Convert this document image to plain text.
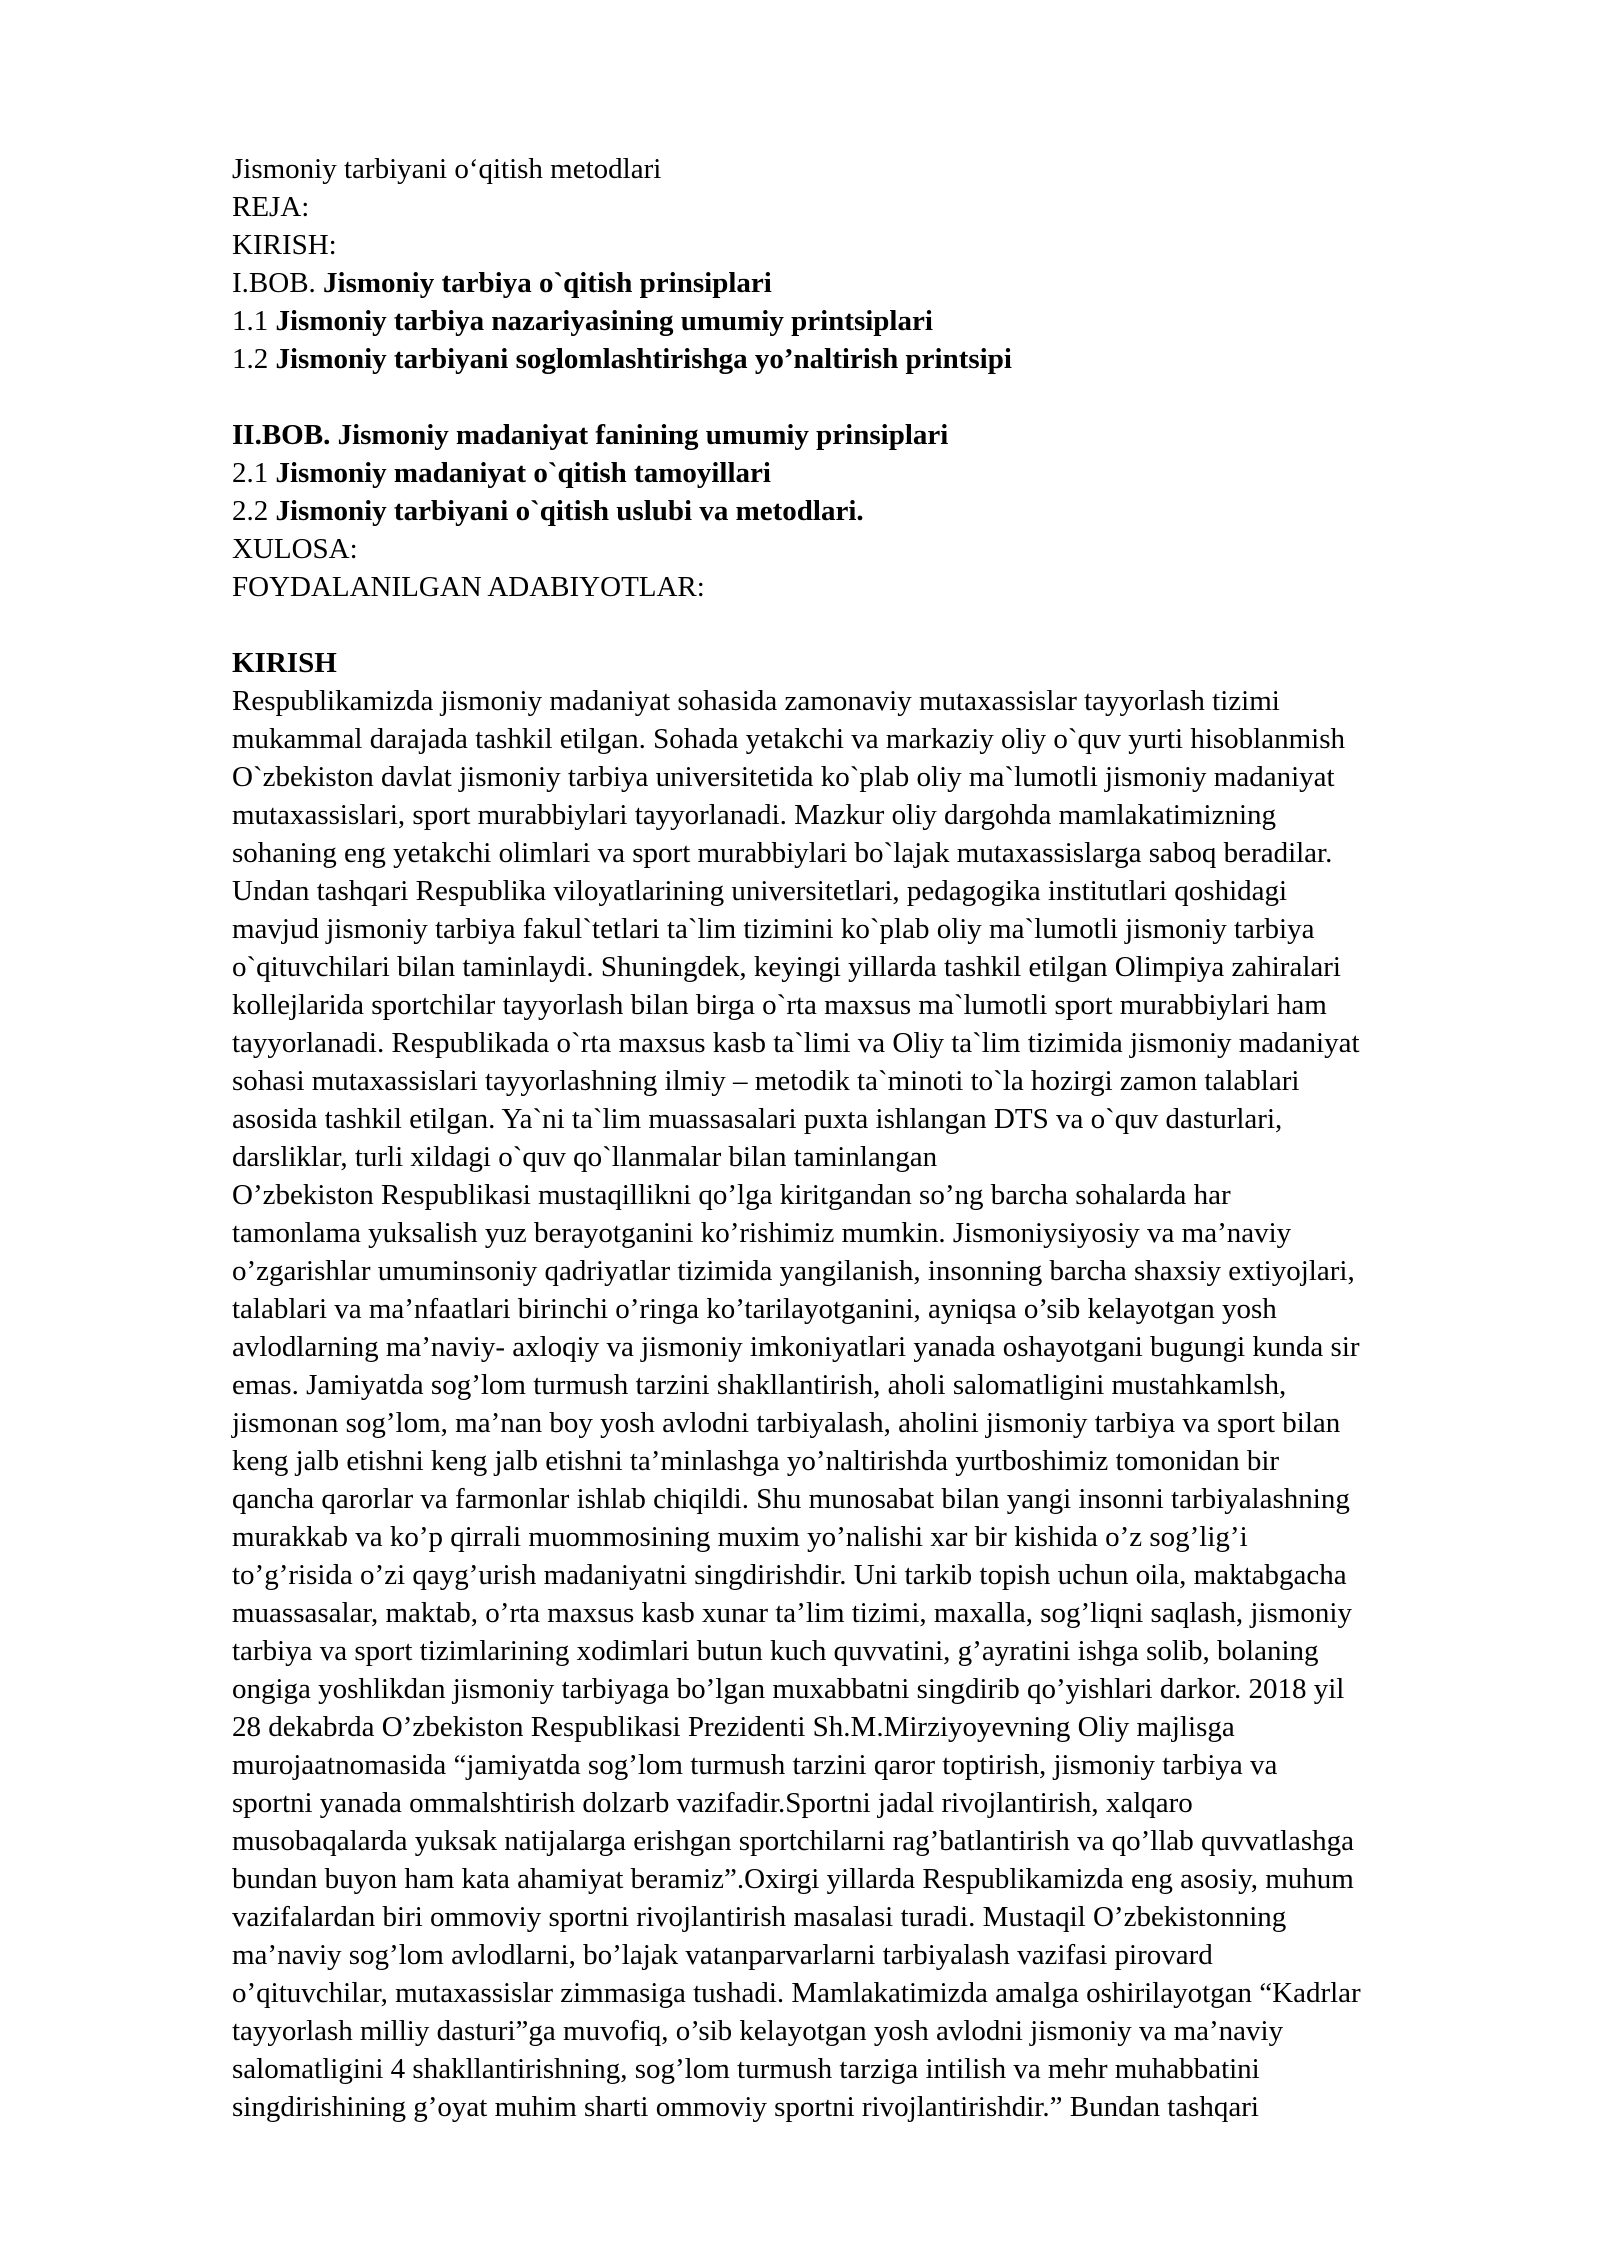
Jismoniy tarbiyani o‘qitish metodlari
REJA:
KIRISH:
I.BOB. Jismoniy tarbiya o`qitish prinsiplari
1.1 Jismoniy tarbiya nazariyasining umumiy printsiplari
1.2 Jismoniy tarbiyani soglomlashtirishga yo’naltirish printsipi
II.BOB. Jismoniy madaniyat fanining umumiy prinsiplari
2.1 Jismoniy madaniyat o`qitish tamoyillari
2.2 Jismoniy tarbiyani o`qitish uslubi va metodlari.
XULOSA:
FOYDALANILGAN ADABIYOTLAR:
KIRISH
Respublikamizda jismoniy madaniyat sohasida zamonaviy mutaxassislar tayyorlash tizimi
mukammal darajada tashkil etilgan. Sohada yetakchi va markaziy oliy o`quv yurti hisoblanmish
O`zbekiston davlat jismoniy tarbiya universitetida ko`plab oliy ma`lumotli jismoniy madaniyat
mutaxassislari, sport murabbiylari tayyorlanadi. Mazkur oliy dargohda mamlakatimizning
sohaning eng yetakchi olimlari va sport murabbiylari bo`lajak mutaxassislarga saboq beradilar.
Undan tashqari Respublika viloyatlarining universitetlari, pedagogika institutlari qoshidagi
mavjud jismoniy tarbiya fakul`tetlari ta`lim tizimini ko`plab oliy ma`lumotli jismoniy tarbiya
o`qituvchilari bilan taminlaydi. Shuningdek, keyingi yillarda tashkil etilgan Olimpiya zahiralari
kollejlarida sportchilar tayyorlash bilan birga o`rta maxsus ma`lumotli sport murabbiylari ham
tayyorlanadi. Respublikada o`rta maxsus kasb ta`limi va Oliy ta`lim tizimida jismoniy madaniyat
sohasi mutaxassislari tayyorlashning ilmiy – metodik ta`minoti to`la hozirgi zamon talablari
asosida tashkil etilgan. Ya`ni ta`lim muassasalari puxta ishlangan DTS va o`quv dasturlari,
darsliklar, turli xildagi o`quv qo`llanmalar bilan taminlangan
O’zbekiston Respublikasi mustaqillikni qo’lga kiritgandan so’ng barcha sohalarda har
tamonlama yuksalish yuz berayotganini ko’rishimiz mumkin. Jismoniysiyosiy va ma’naviy
o’zgarishlar umuminsoniy qadriyatlar tizimida yangilanish, insonning barcha shaxsiy extiyojlari,
talablari va ma’nfaatlari birinchi o’ringa ko’tarilayotganini, ayniqsa o’sib kelayotgan yosh
avlodlarning ma’naviy- axloqiy va jismoniy imkoniyatlari yanada oshayotgani bugungi kunda sir
emas. Jamiyatda sog’lom turmush tarzini shakllantirish, aholi salomatligini mustahkamlsh,
jismonan sog’lom, ma’nan boy yosh avlodni tarbiyalash, aholini jismoniy tarbiya va sport bilan
keng jalb etishni keng jalb etishni ta’minlashga yo’naltirishda yurtboshimiz tomonidan bir
qancha qarorlar va farmonlar ishlab chiqildi. Shu munosabat bilan yangi insonni tarbiyalashning
murakkab va ko’p qirrali muommosining muxim yo’nalishi xar bir kishida o’z sog’lig’i
to’g’risida o’zi qayg’urish madaniyatni singdirishdir. Uni tarkib topish uchun oila, maktabgacha
muassasalar, maktab, o’rta maxsus kasb xunar ta’lim tizimi, maxalla, sog’liqni saqlash, jismoniy
tarbiya va sport tizimlarining xodimlari butun kuch quvvatini, g’ayratini ishga solib, bolaning
ongiga yoshlikdan jismoniy tarbiyaga bo’lgan muxabbatni singdirib qo’yishlari darkor. 2018 yil
28 dekabrda O’zbekiston Respublikasi Prezidenti Sh.M.Mirziyoyevning Oliy majlisga
murojaatnomasida “jamiyatda sog’lom turmush tarzini qaror toptirish, jismoniy tarbiya va
sportni yanada ommalshtirish dolzarb vazifadir.Sportni jadal rivojlantirish, xalqaro
musobaqalarda yuksak natijalarga erishgan sportchilarni rag’batlantirish va qo’llab quvvatlashga
bundan buyon ham kata ahamiyat beramiz”.Oxirgi yillarda Respublikamizda eng asosiy, muhum
vazifalardan biri ommoviy sportni rivojlantirish masalasi turadi. Mustaqil O’zbekistonning
ma’naviy sog’lom avlodlarni, bo’lajak vatanparvarlarni tarbiyalash vazifasi pirovard
o’qituvchilar, mutaxassislar zimmasiga tushadi. Mamlakatimizda amalga oshirilayotgan “Kadrlar
tayyorlash milliy dasturi”ga muvofiq, o’sib kelayotgan yosh avlodni jismoniy va ma’naviy
salomatligini 4 shakllantirishning, sog’lom turmush tarziga intilish va mehr muhabbatini
singdirishining g’oyat muhim sharti ommoviy sportni rivojlantirishdir.” Bundan tashqari
